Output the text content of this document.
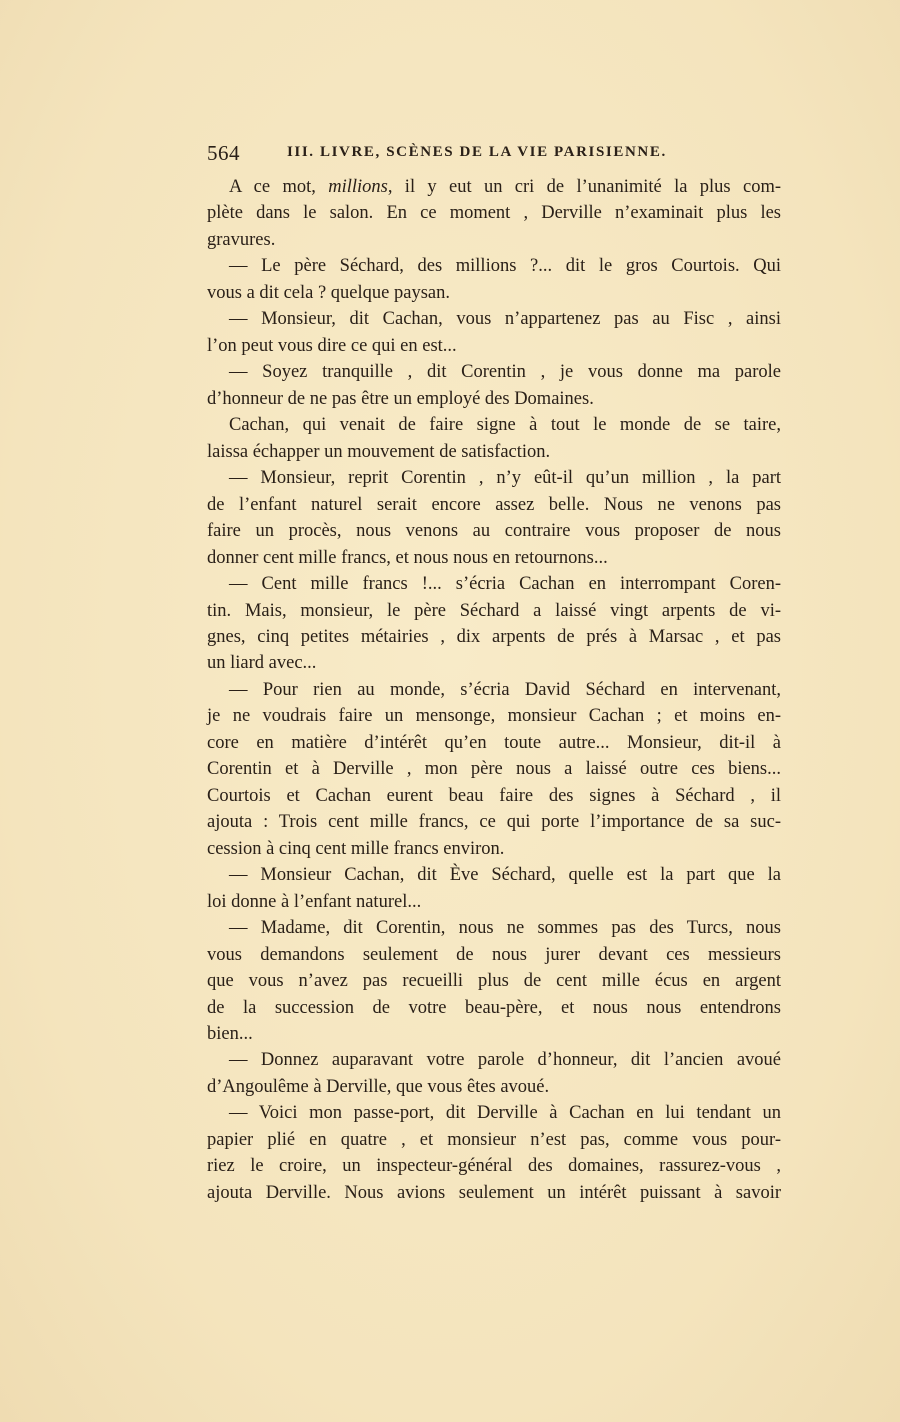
564	III. LIVRE, SCÈNES DE LA VIE PARISIENNE.
A ce mot, millions, il y eut un cri de l’unanimité la plus com-
plète dans le salon. En ce moment , Derville n’examinait plus les
gravures.
— Le père Séchard, des millions ?... dit le gros Courtois. Qui
vous a dit cela ? quelque paysan.
— Monsieur, dit Cachan, vous n’appartenez pas au Fisc , ainsi
l’on peut vous dire ce qui en est...
— Soyez tranquille , dit Corentin , je vous donne ma parole
d’honneur de ne pas être un employé des Domaines.
Cachan, qui venait de faire signe à tout le monde de se taire,
laissa échapper un mouvement de satisfaction.
— Monsieur, reprit Corentin , n’y eût-il qu’un million , la part
de l’enfant naturel serait encore assez belle. Nous ne venons pas
faire un procès, nous venons au contraire vous proposer de nous
donner cent mille francs, et nous nous en retournons...
— Cent mille francs !... s’écria Cachan en interrompant Coren-
tin. Mais, monsieur, le père Séchard a laissé vingt arpents de vi-
gnes, cinq petites métairies , dix arpents de prés à Marsac , et pas
un liard avec...
— Pour rien au monde, s’écria David Séchard en intervenant,
je ne voudrais faire un mensonge, monsieur Cachan ; et moins en-
core en matière d’intérêt qu’en toute autre... Monsieur, dit-il à
Corentin et à Derville , mon père nous a laissé outre ces biens...
Courtois et Cachan eurent beau faire des signes à Séchard , il
ajouta : Trois cent mille francs, ce qui porte l’importance de sa suc-
cession à cinq cent mille francs environ.
— Monsieur Cachan, dit Ève Séchard, quelle est la part que la
loi donne à l’enfant naturel...
— Madame, dit Corentin, nous ne sommes pas des Turcs, nous
vous demandons seulement de nous jurer devant ces messieurs
que vous n’avez pas recueilli plus de cent mille écus en argent
de la succession de votre beau-père, et nous nous entendrons
bien...
— Donnez auparavant votre parole d’honneur, dit l’ancien avoué
d’Angoulême à Derville, que vous êtes avoué.
— Voici mon passe-port, dit Derville à Cachan en lui tendant un
papier plié en quatre , et monsieur n’est pas, comme vous pour-
riez le croire, un inspecteur-général des domaines, rassurez-vous ,
ajouta Derville. Nous avions seulement un intérêt puissant à savoir
